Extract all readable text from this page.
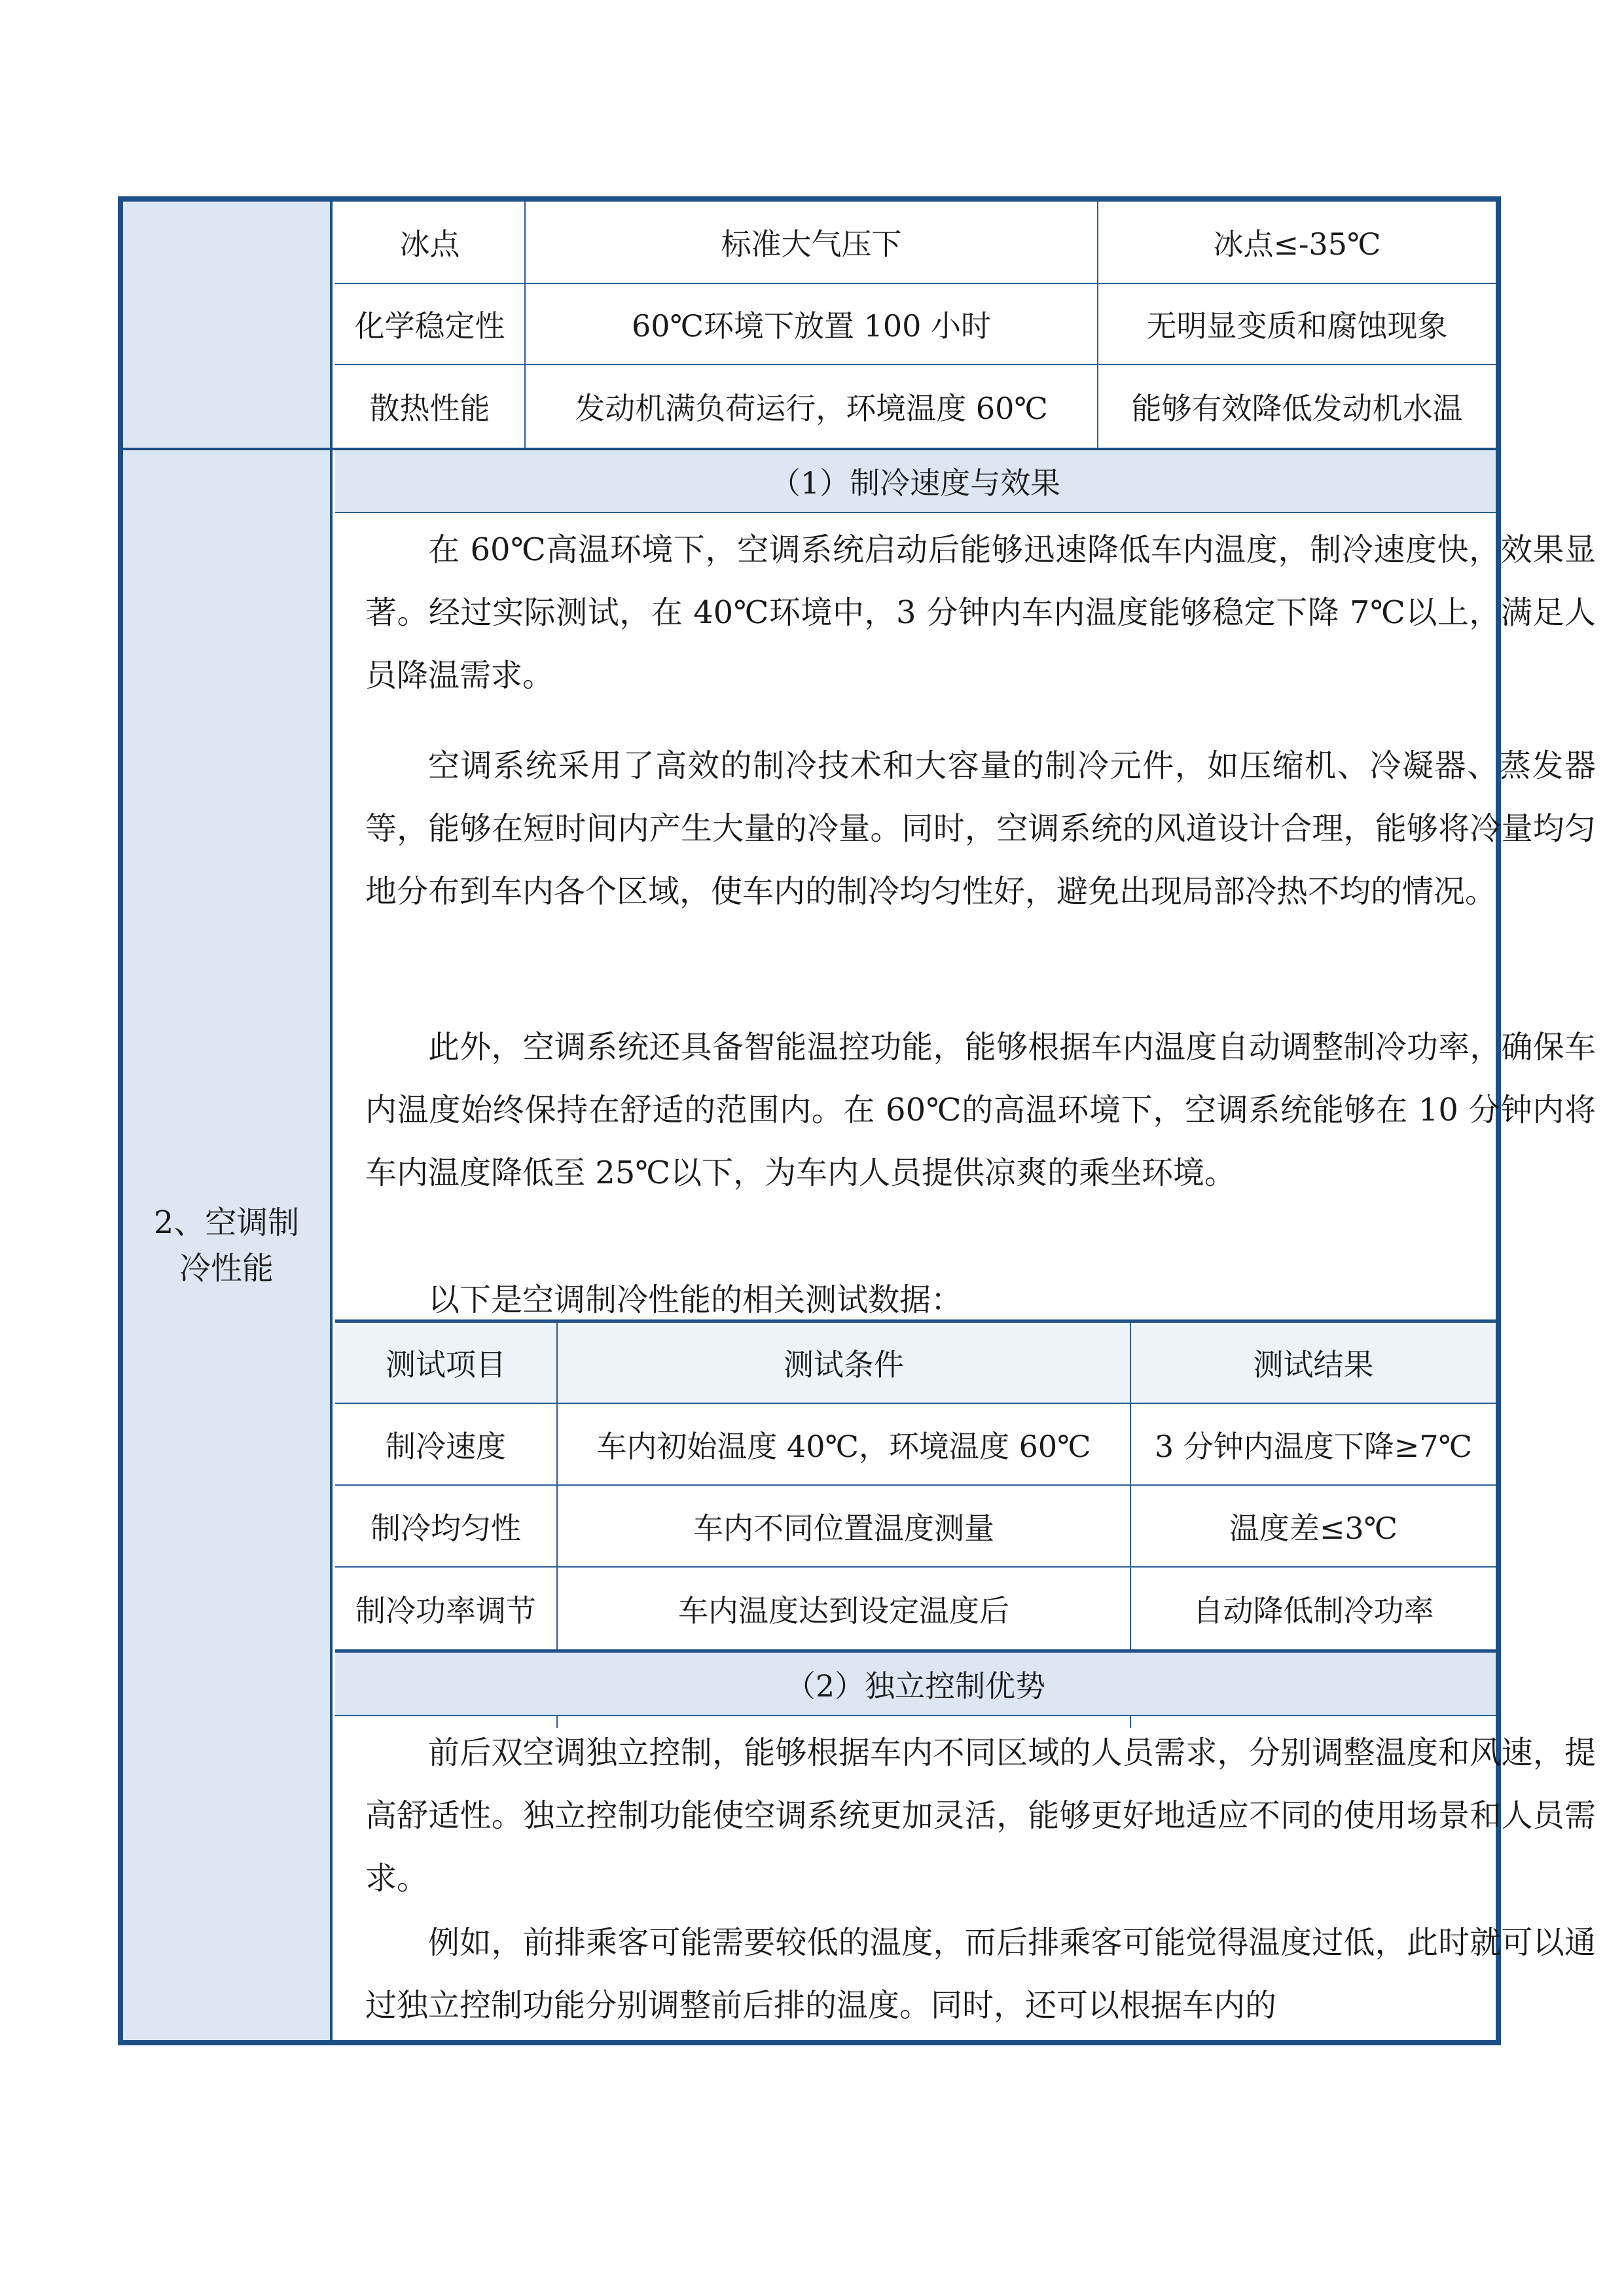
2、空调制
冷性能
冰点	标准大气压下	冰点≤-35℃
化学稳定性	60℃环境下放置 100 小时	无明显变质和腐蚀现象
散热性能	发动机满负荷运行，环境温度 60℃	能够有效降低发动机水温
（1）制冷速度与效果

在 60℃高温环境下，空调系统启动后能够迅速降低车内温度，制冷速度快，效果显著。经过实际测试，在 40℃环境中，3 分钟内车内温度能够稳定下降 7℃以上，满足人员降温需求。

空调系统采用了高效的制冷技术和大容量的制冷元件，如压缩机、冷凝器、蒸发器等，能够在短时间内产生大量的冷量。同时，空调系统的风道设计合理，能够将冷量均匀地分布到车内各个区域，使车内的制冷均匀性好，避免出现局部冷热不均的情况。

此外，空调系统还具备智能温控功能，能够根据车内温度自动调整制冷功率，确保车内温度始终保持在舒适的范围内。在 60℃的高温环境下，空调系统能够在 10 分钟内将车内温度降低至 25℃以下，为车内人员提供凉爽的乘坐环境。

以下是空调制冷性能的相关测试数据：

测试项目	测试条件	测试结果
制冷速度	车内初始温度 40℃，环境温度 60℃	3 分钟内温度下降≥7℃
制冷均匀性	车内不同位置温度测量	温度差≤3℃
制冷功率调节	车内温度达到设定温度后	自动降低制冷功率
（2）独立控制优势

前后双空调独立控制，能够根据车内不同区域的人员需求，分别调整温度和风速，提高舒适性。独立控制功能使空调系统更加灵活，能够更好地适应不同的使用场景和人员需求。

例如，前排乘客可能需要较低的温度，而后排乘客可能觉得温度过低，此时就可以通过独立控制功能分别调整前后排的温度。同时，还可以根据车内的
